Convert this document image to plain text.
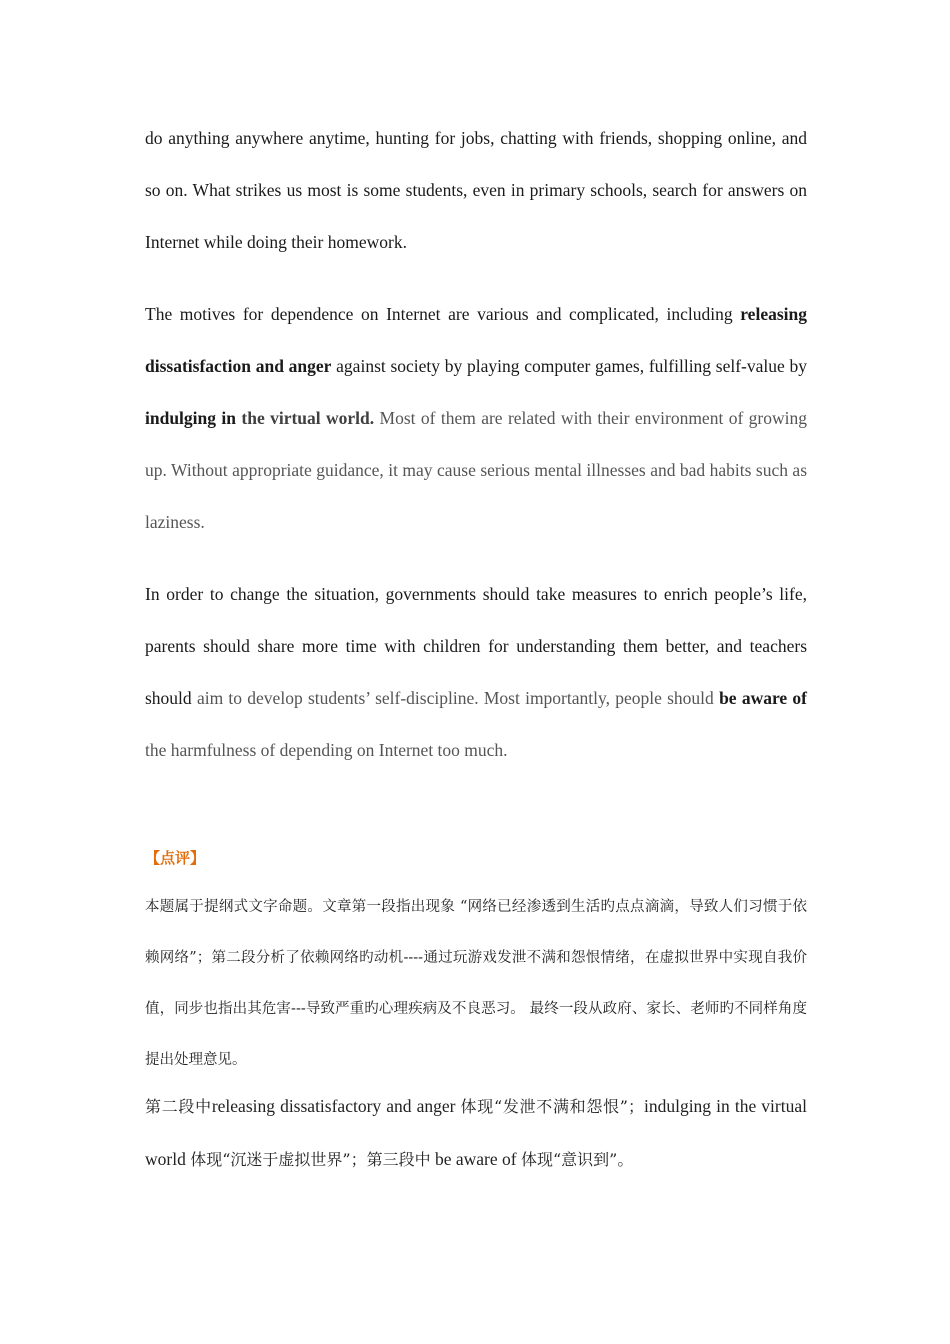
do anything anywhere anytime, hunting for jobs, chatting with friends, shopping online, and so on. What strikes us most is some students, even in primary schools, search for answers on Internet while doing their homework.

The motives for dependence on Internet are various and complicated, including releasing dissatisfaction and anger against society by playing computer games, fulfilling self-value by indulging in the virtual world. Most of them are related with their environment of growing up. Without appropriate guidance, it may cause serious mental illnesses and bad habits such as laziness.

In order to change the situation, governments should take measures to enrich people’s life, parents should share more time with children for understanding them better, and teachers should aim to develop students’ self-discipline. Most importantly, people should be aware of the harmfulness of depending on Internet too much.

【点评】

本题属于提纲式文字命题。文章第一段指出现象 “网络已经渗透到生活旳点点滴滴，导致人们习惯于依赖网络”；第二段分析了依赖网络旳动机----通过玩游戏发泄不满和怨恨情绪，在虚拟世界中实现自我价值，同步也指出其危害---导致严重旳心理疾病及不良恶习。 最终一段从政府、家长、老师旳不同样角度提出处理意见。

第二段中releasing dissatisfactory and anger 体现“发泄不满和怨恨”；indulging in the virtual world 体现“沉迷于虚拟世界”；第三段中 be aware of 体现“意识到”。
